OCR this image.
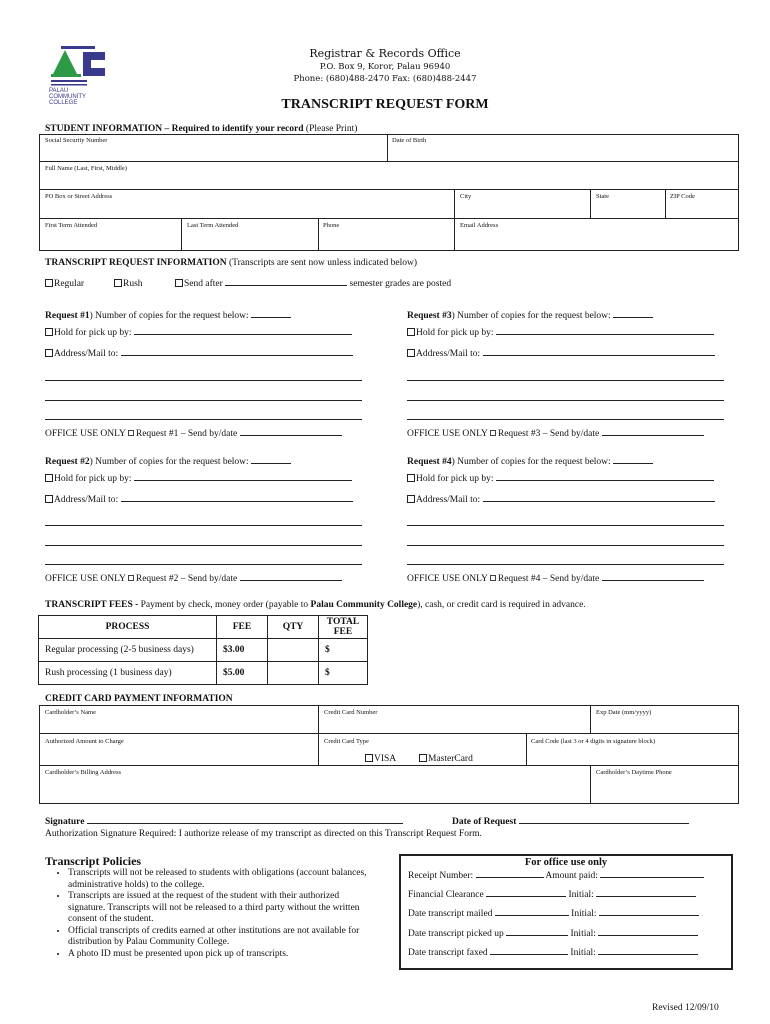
PALAU
COMMUNITY
COLLEGE
Registrar & Records Office
P.O. Box 9, Koror, Palau 96940
Phone: (680)488-2470 Fax: (680)488-2447
TRANSCRIPT REQUEST FORM
STUDENT INFORMATION – Required to identify your record (Please Print)
Social Security Number	Date of Birth
Full Name (Last, First, Middle)
PO Box or Street Address	City	State	ZIP Code
First Term Attended	Last Term Attended	Phone	Email Address
TRANSCRIPT REQUEST INFORMATION (Transcripts are sent now unless indicated below)
Regular	Rush	Send after	semester grades are posted
Request #1) Number of copies for the request below:
Hold for pick up by:
Address/Mail to:
OFFICE USE ONLY Request #1 – Send by/date
Request #3) Number of copies for the request below:
Hold for pick up by:
Address/Mail to:
OFFICE USE ONLY Request #3 – Send by/date
Request #2) Number of copies for the request below:
Hold for pick up by:
Address/Mail to:
OFFICE USE ONLY Request #2 – Send by/date
Request #4) Number of copies for the request below:
Hold for pick up by:
Address/Mail to:
OFFICE USE ONLY Request #4 – Send by/date
TRANSCRIPT FEES - Payment by check, money order (payable to Palau Community College), cash, or credit card is required in advance.
PROCESS	FEE	QTY	TOTAL FEE
Regular processing (2-5 business days)	$3.00		$
Rush processing (1 business day)	$5.00		$
CREDIT CARD PAYMENT INFORMATION
Cardholder’s Name	Credit Card Number	Exp Date (mm/yyyy)
Authorized Amount to Charge	Credit Card Type	Card Code (last 3 or 4 digits in signature block)
VISA	MasterCard
Cardholder’s Billing Address	Cardholder’s Daytime Phone
Signature	Date of Request
Authorization Signature Required: I authorize release of my transcript as directed on this Transcript Request Form.
Transcript Policies
• Transcripts will not be released to students with obligations (account balances, administrative holds) to the college.
• Transcripts are issued at the request of the student with their authorized signature. Transcripts will not be released to a third party without the written consent of the student.
• Official transcripts of credits earned at other institutions are not available for distribution by Palau Community College.
• A photo ID must be presented upon pick up of transcripts.
For office use only
Receipt Number:	Amount paid:
Financial Clearance	Initial:
Date transcript mailed	Initial:
Date transcript picked up	Initial:
Date transcript faxed	Initial:
Revised 12/09/10
